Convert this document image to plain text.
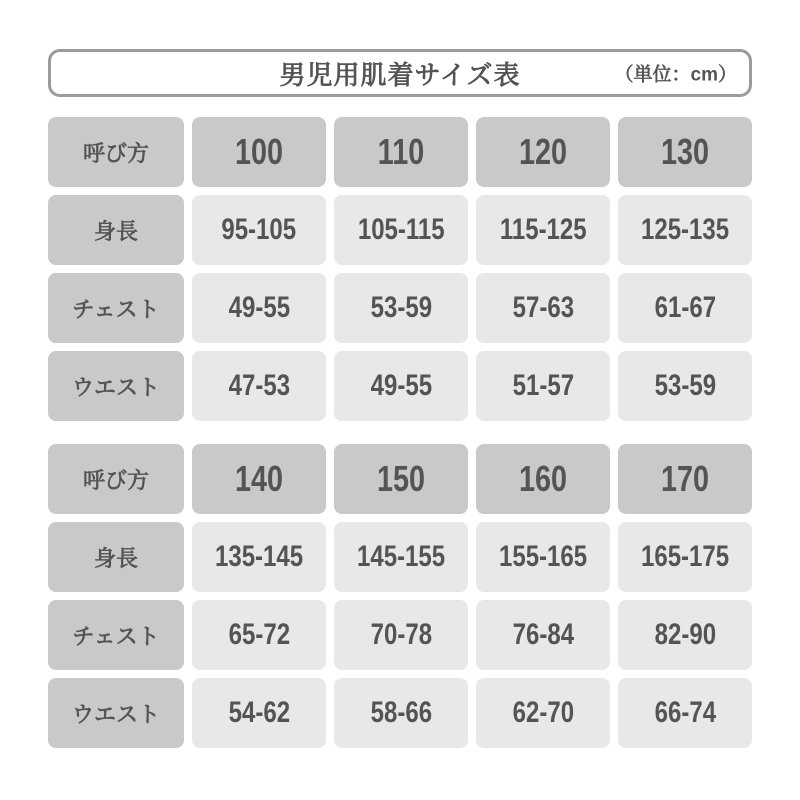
男児用肌着サイズ表	（単位：cm）
呼び方 100	110	120	130
身長	95-105 105-115 115-125 125-135
チェスト 49-55	53-59	57-63	61-67
ウエスト 47-53	49-55	51-57	53-59
呼び方 140	150	160	170
身長	135-145 145-155 155-165 165-175
チェスト 65-72	70-78	76-84	82-90
ウエスト 54-62	58-66	62-70	66-74
